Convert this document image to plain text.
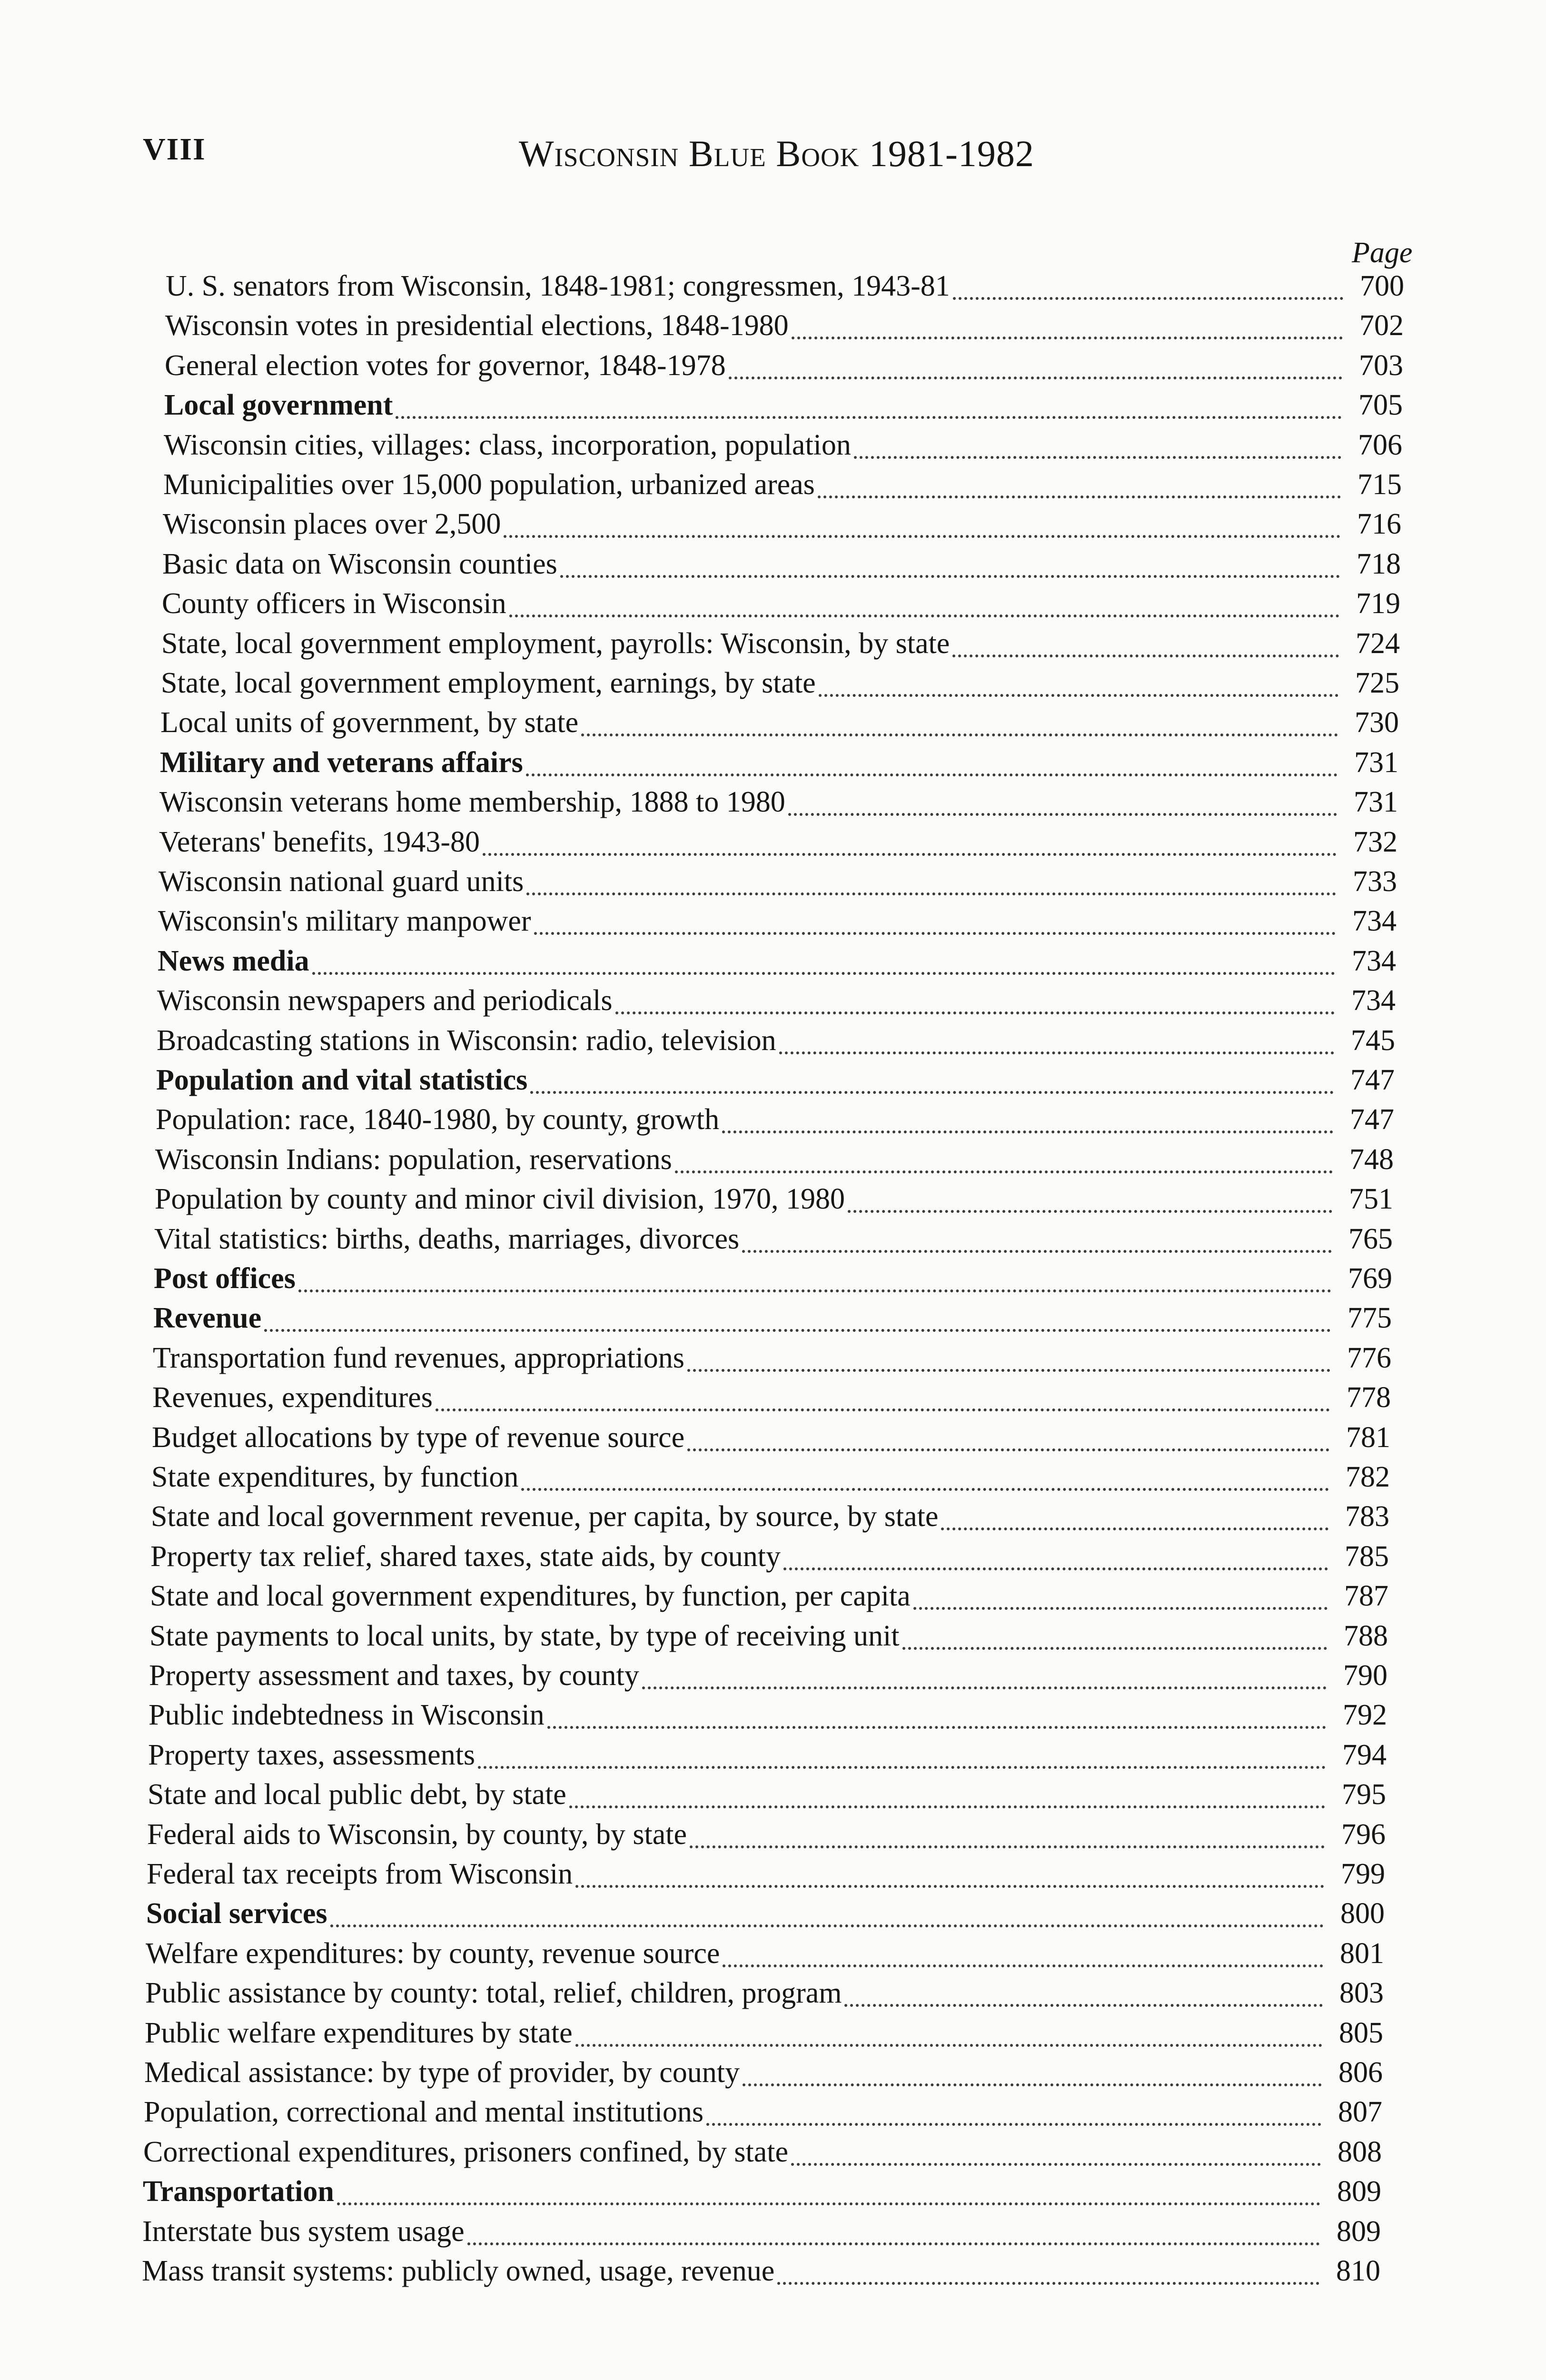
VIII	Wisconsin Blue Book 1981-1982
Page
U. S. senators from Wisconsin, 1848-1981; congressmen, 1943-81	700
Wisconsin votes in presidential elections, 1848-1980	702
General election votes for governor, 1848-1978	703
Local government	705
Wisconsin cities, villages: class, incorporation, population	706
Municipalities over 15,000 population, urbanized areas	715
Wisconsin places over 2,500	716
Basic data on Wisconsin counties	718
County officers in Wisconsin	719
State, local government employment, payrolls: Wisconsin, by state	724
State, local government employment, earnings, by state	725
Local units of government, by state	730
Military and veterans affairs	731
Wisconsin veterans home membership, 1888 to 1980	731
Veterans' benefits, 1943-80	732
Wisconsin national guard units	733
Wisconsin's military manpower	734
News media	734
Wisconsin newspapers and periodicals	734
Broadcasting stations in Wisconsin: radio, television	745
Population and vital statistics	747
Population: race, 1840-1980, by county, growth	747
Wisconsin Indians: population, reservations	748
Population by county and minor civil division, 1970, 1980	751
Vital statistics: births, deaths, marriages, divorces	765
Post offices	769
Revenue	775
Transportation fund revenues, appropriations	776
Revenues, expenditures	778
Budget allocations by type of revenue source	781
State expenditures, by function	782
State and local government revenue, per capita, by source, by state	783
Property tax relief, shared taxes, state aids, by county	785
State and local government expenditures, by function, per capita	787
State payments to local units, by state, by type of receiving unit	788
Property assessment and taxes, by county	790
Public indebtedness in Wisconsin	792
Property taxes, assessments	794
State and local public debt, by state	795
Federal aids to Wisconsin, by county, by state	796
Federal tax receipts from Wisconsin	799
Social services	800
Welfare expenditures: by county, revenue source	801
Public assistance by county: total, relief, children, program	803
Public welfare expenditures by state	805
Medical assistance: by type of provider, by county	806
Population, correctional and mental institutions	807
Correctional expenditures, prisoners confined, by state	808
Transportation	809
Interstate bus system usage	809
Mass transit systems: publicly owned, usage, revenue	810
